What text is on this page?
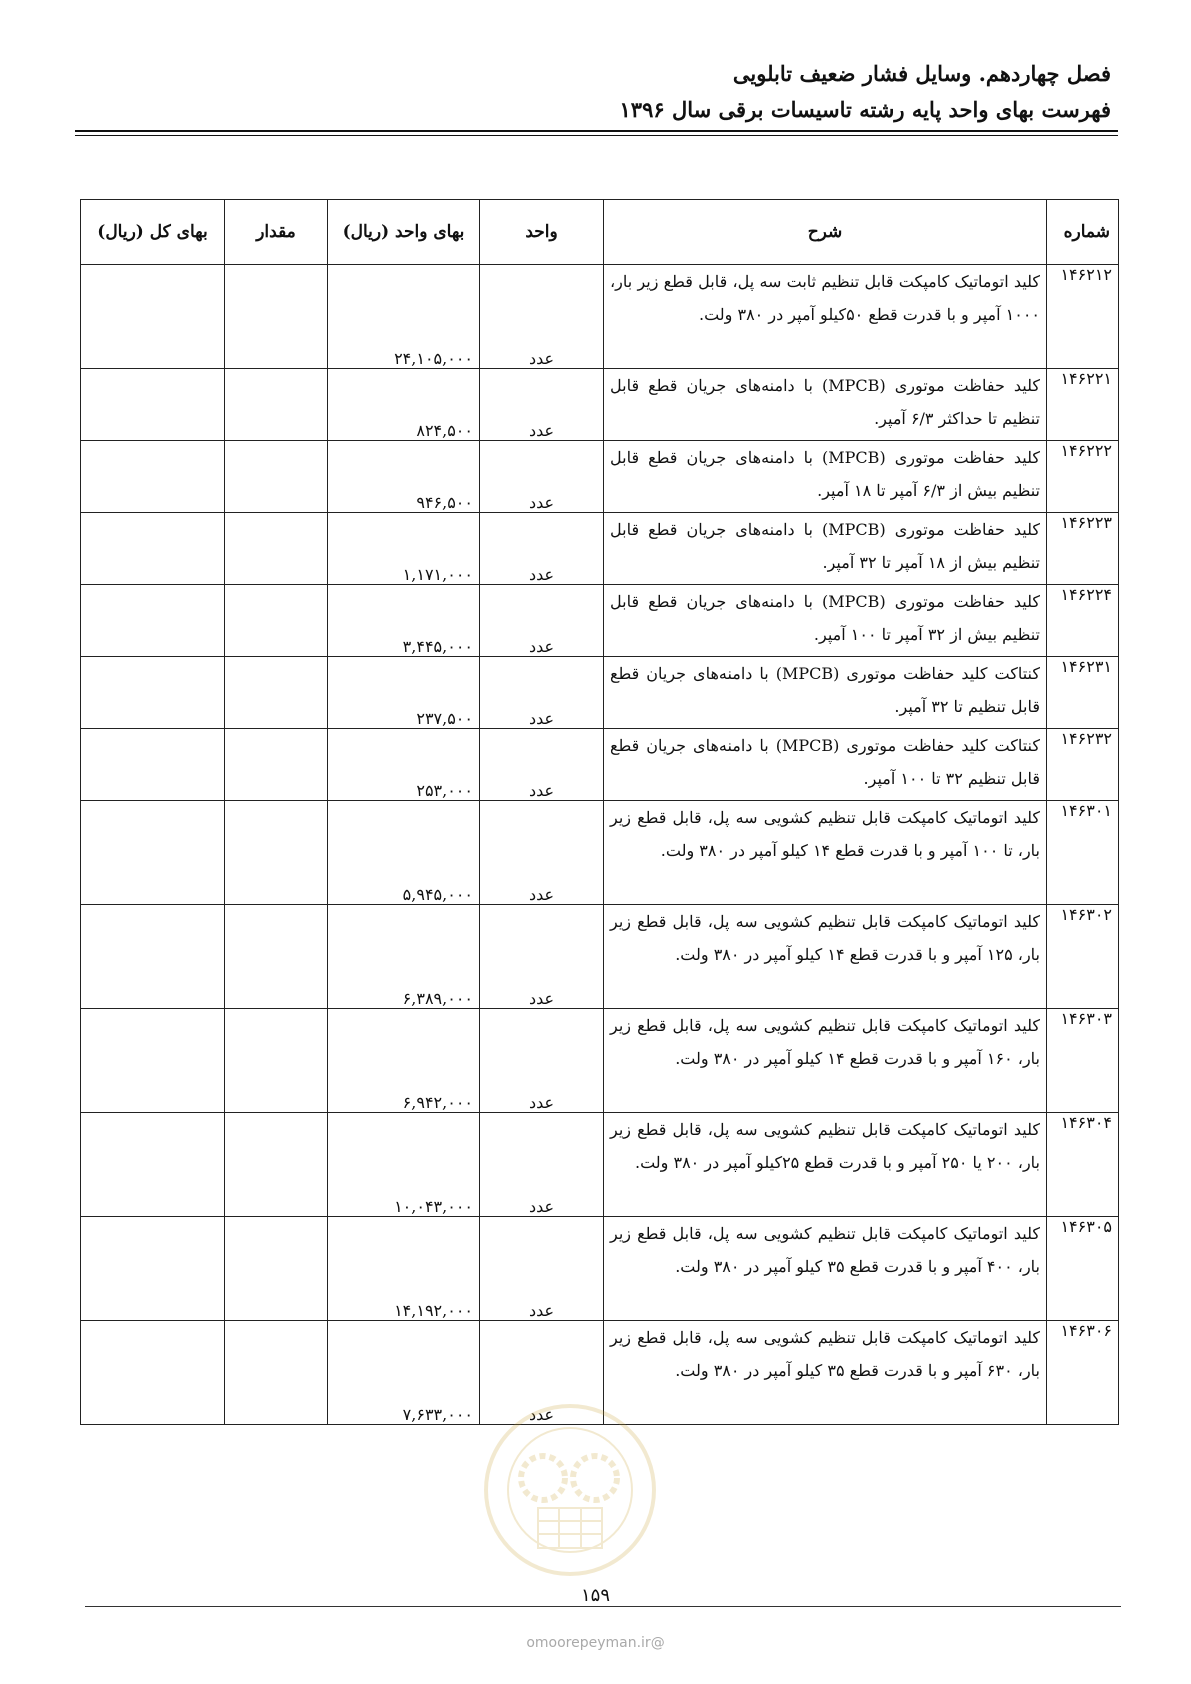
فصل چهاردهم. وسایل فشار ضعیف تابلویی
فهرست بهای واحد پایه رشته تاسیسات برقی سال ۱۳۹۶
شماره	شرح	واحد	بهای واحد (ریال)	مقدار	بهای کل (ریال)
۱۴۶۲۱۲	کلید اتوماتیک کامپکت قابل تنظیم ثابت سه پل، قابل قطع زیر بار، ۱۰۰۰ آمپر و با قدرت قطع ۵۰کیلو آمپر در ۳۸۰ ولت.	عدد	۲۴,۱۰۵,۰۰۰		
۱۴۶۲۲۱	کلید حفاظت موتوری (MPCB) با دامنه‌های جریان قطع قابل تنظیم تا حداکثر ۶/۳ آمپر.	عدد	۸۲۴,۵۰۰		
۱۴۶۲۲۲	کلید حفاظت موتوری (MPCB) با دامنه‌های جریان قطع قابل تنظیم بیش از ۶/۳ آمپر تا ۱۸ آمپر.	عدد	۹۴۶,۵۰۰		
۱۴۶۲۲۳	کلید حفاظت موتوری (MPCB) با دامنه‌های جریان قطع قابل تنظیم بیش از ۱۸ آمپر تا ۳۲ آمپر.	عدد	۱,۱۷۱,۰۰۰		
۱۴۶۲۲۴	کلید حفاظت موتوری (MPCB) با دامنه‌های جریان قطع قابل تنظیم بیش از ۳۲ آمپر تا ۱۰۰ آمپر.	عدد	۳,۴۴۵,۰۰۰		
۱۴۶۲۳۱	کنتاکت کلید حفاظت موتوری (MPCB) با دامنه‌های جریان قطع قابل تنظیم تا ۳۲ آمپر.	عدد	۲۳۷,۵۰۰		
۱۴۶۲۳۲	کنتاکت کلید حفاظت موتوری (MPCB) با دامنه‌های جریان قطع قابل تنظیم ۳۲ تا ۱۰۰ آمپر.	عدد	۲۵۳,۰۰۰		
۱۴۶۳۰۱	کلید اتوماتیک کامپکت قابل تنظیم کشویی سه پل، قابل قطع زیر بار، تا ۱۰۰ آمپر و با قدرت قطع ۱۴ کیلو آمپر در ۳۸۰ ولت.	عدد	۵,۹۴۵,۰۰۰		
۱۴۶۳۰۲	کلید اتوماتیک کامپکت قابل تنظیم کشویی سه پل، قابل قطع زیر بار، ۱۲۵ آمپر و با قدرت قطع ۱۴ کیلو آمپر در ۳۸۰ ولت.	عدد	۶,۳۸۹,۰۰۰		
۱۴۶۳۰۳	کلید اتوماتیک کامپکت قابل تنظیم کشویی سه پل، قابل قطع زیر بار، ۱۶۰ آمپر و با قدرت قطع ۱۴ کیلو آمپر در ۳۸۰ ولت.	عدد	۶,۹۴۲,۰۰۰		
۱۴۶۳۰۴	کلید اتوماتیک کامپکت قابل تنظیم کشویی سه پل، قابل قطع زیر بار، ۲۰۰ یا ۲۵۰ آمپر و با قدرت قطع ۲۵کیلو آمپر در ۳۸۰ ولت.	عدد	۱۰,۰۴۳,۰۰۰		
۱۴۶۳۰۵	کلید اتوماتیک کامپکت قابل تنظیم کشویی سه پل، قابل قطع زیر بار، ۴۰۰ آمپر و با قدرت قطع ۳۵ کیلو آمپر در ۳۸۰ ولت.	عدد	۱۴,۱۹۲,۰۰۰		
۱۴۶۳۰۶	کلید اتوماتیک کامپکت قابل تنظیم کشویی سه پل، قابل قطع زیر بار، ۶۳۰ آمپر و با قدرت قطع ۳۵ کیلو آمپر در ۳۸۰ ولت.	عدد	۷,۶۳۳,۰۰۰		
۱۵۹
@omoorepeyman.ir
